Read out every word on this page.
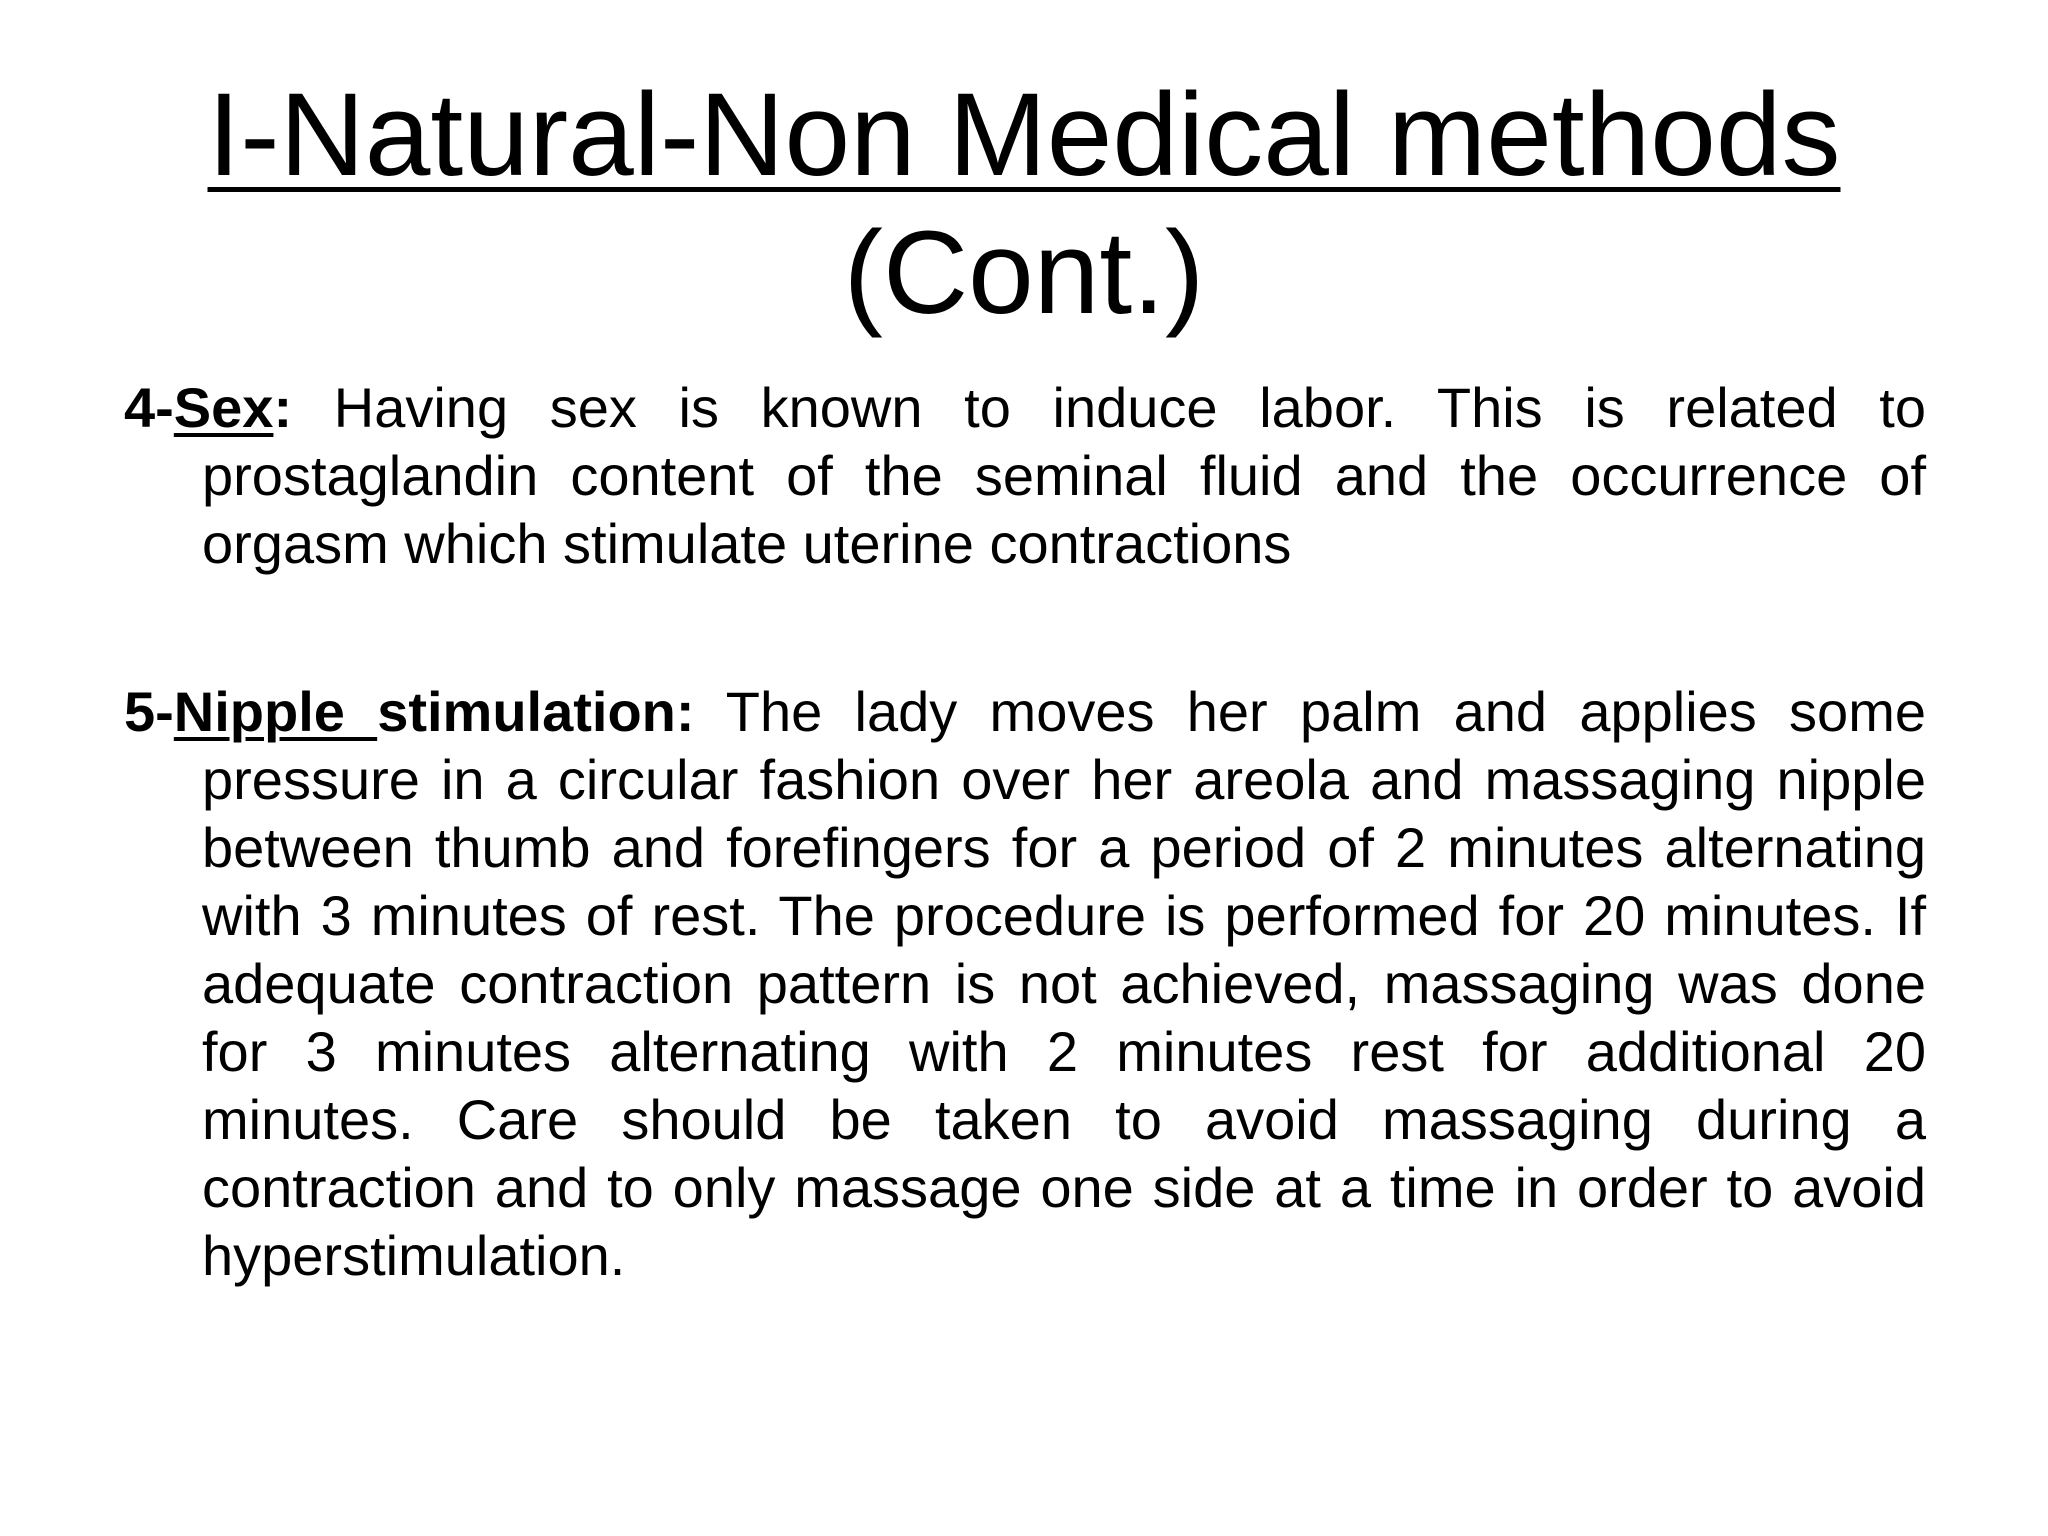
I-Natural-Non Medical methods
(Cont.)

4-Sex: Having sex is known to induce labor. This is related to prostaglandin content of the seminal fluid and the occurrence of orgasm which stimulate uterine contractions

5-Nipple stimulation: The lady moves her palm and applies some pressure in a circular fashion over her areola and massaging nipple between thumb and forefingers for a period of 2 minutes alternating with 3 minutes of rest. The procedure is performed for 20 minutes. If adequate contraction pattern is not achieved, massaging was done for 3 minutes alternating with 2 minutes rest for additional 20 minutes. Care should be taken to avoid massaging during a contraction and to only massage one side at a time in order to avoid hyperstimulation.
